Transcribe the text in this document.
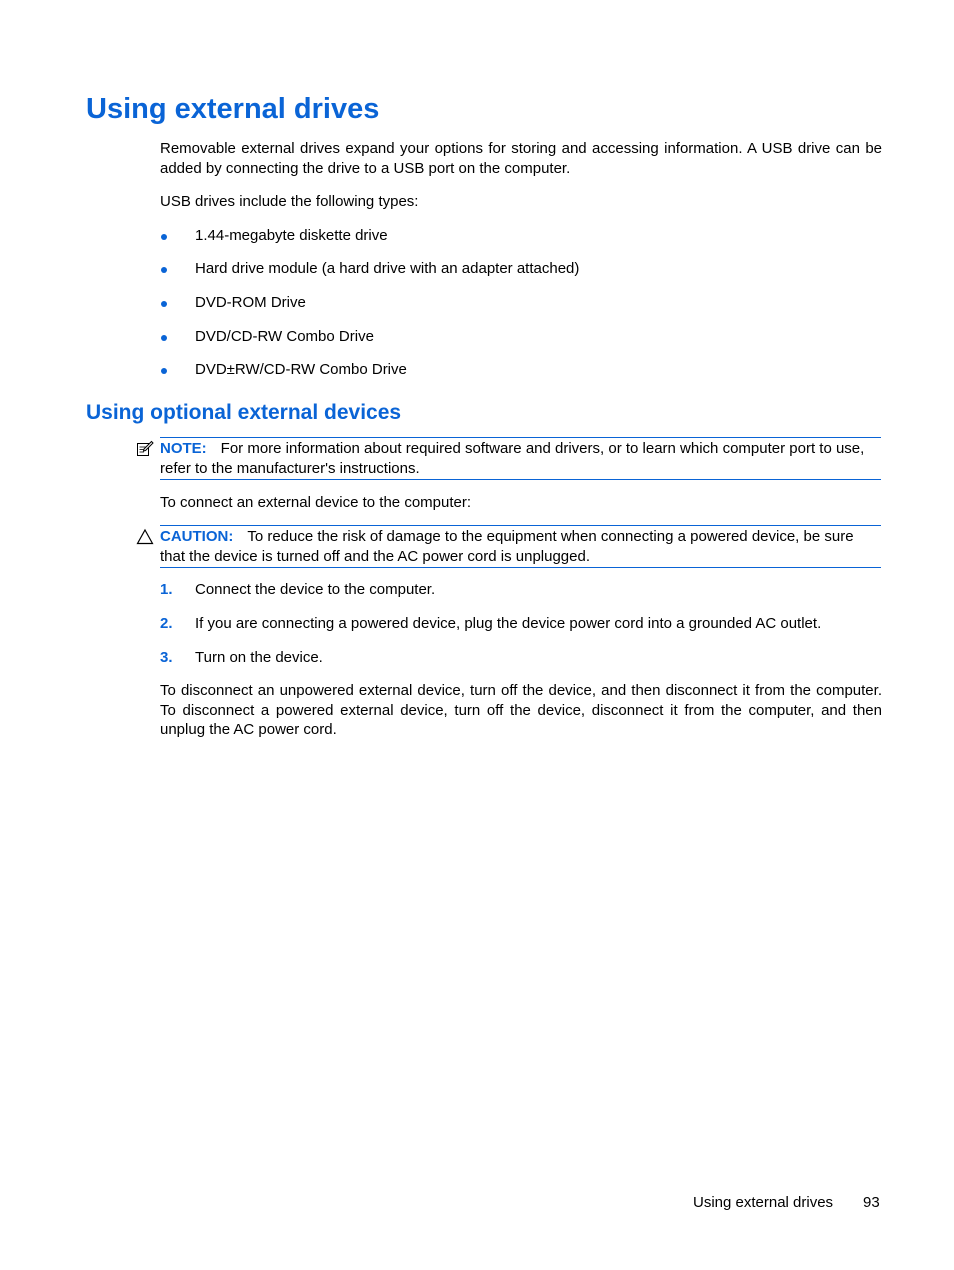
Using external drives

Removable external drives expand your options for storing and accessing information. A USB drive can be added by connecting the drive to a USB port on the computer.

USB drives include the following types:

1.44-megabyte diskette drive
Hard drive module (a hard drive with an adapter attached)
DVD-ROM Drive
DVD/CD-RW Combo Drive
DVD±RW/CD-RW Combo Drive
Using optional external devices
NOTE: For more information about required software and drivers, or to learn which computer port to use, refer to the manufacturer's instructions.

To connect an external device to the computer:

CAUTION: To reduce the risk of damage to the equipment when connecting a powered device, be sure that the device is turned off and the AC power cord is unplugged.
1. Connect the device to the computer.
2. If you are connecting a powered device, plug the device power cord into a grounded AC outlet.
3. Turn on the device.

To disconnect an unpowered external device, turn off the device, and then disconnect it from the computer. To disconnect a powered external device, turn off the device, disconnect it from the computer, and then unplug the AC power cord.

Using external drives 93
